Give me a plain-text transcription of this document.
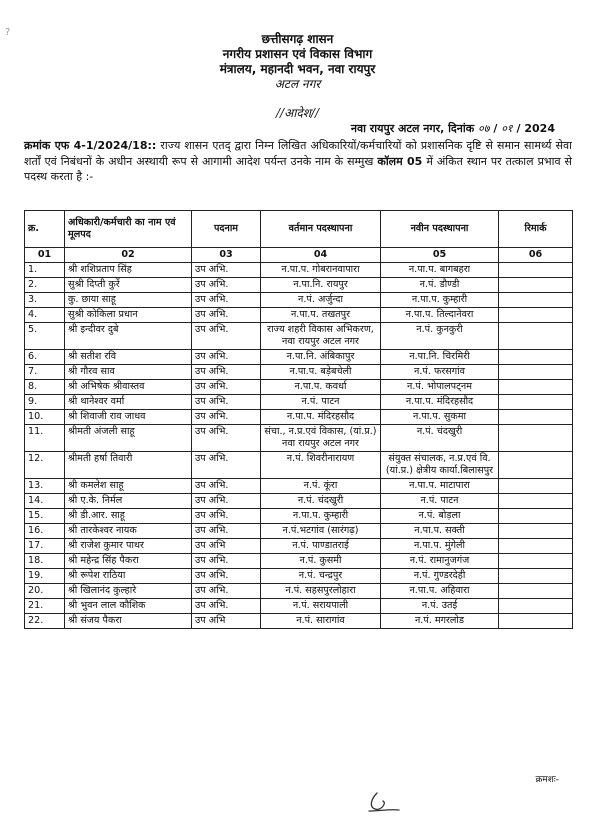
?	छत्तीसगढ़ शासन
नगरीय प्रशासन एवं विकास विभाग
मंत्रालय, महानदी भवन, नवा रायपुर
अटल नगर
//आदेश//
नवा रायपुर अटल नगर, दिनांक ०७ / ०१ / 2024
क्रमांक एफ 4-1/2024/18:: राज्य शासन एतद् द्वारा निम्न लिखित अधिकारियों/कर्मचारियों को प्रशासनिक दृष्टि से समान सामर्थ्य सेवा शर्तों एवं निबंधनों के अधीन अस्थायी रूप से आगामी आदेश पर्यन्त उनके नाम के सम्मुख कॉलम 05 में अंकित स्थान पर तत्काल प्रभाव से पदस्थ करता है :-
क्र.	अधिकारी/कर्मचारी का नाम एवं मूलपद	पदनाम	वर्तमान पदस्थापना	नवीन पदस्थापना	रिमार्क
01	02	03	04	05	06
1.	श्री शशिप्रताप सिंह	उप अभि.	न.पा.प. गोबरानवापारा	न.पा.प. बागबहरा	
2.	सुश्री दिप्ती कुर्रे	उप अभि.	न.पा.नि. रायपुर	न.पं. डौण्डी	
3.	कु. छाया साहू	उप अभि.	न.पं. अर्जुन्दा	न.पा.प. कुम्हारी	
4.	सुश्री कोकिला प्रधान	उप अभि.	न.पा.प. तखतपुर	न.पा.प. तिल्दानेवरा	
5.	श्री इन्दीवर दुबे	उप अभि.	राज्य शहरी विकास अभिकरण, नवा रायपुर अटल नगर	न.पं. कुनकुरी	
6.	श्री सतीश रवि	उप अभि.	न.पा.नि. अंबिकापुर	न.पा.नि. चिरमिरी	
7.	श्री गौरव साव	उप अभि.	न.पा.प. बड़ेबचेली	न.पं. फरसगांव	
8.	श्री अभिषेक श्रीवास्तव	उप अभि.	न.पा.प. कवर्धा	न.पं. भोपालपट्नम	
9.	श्री थानेश्वर वर्मा	उप अभि.	न.पं. पाटन	न.पा.प. मंदिरहसौद	
10.	श्री शिवाजी राव जाधव	उप अभि.	न.पा.प. मंदिरहसौद	न.पा.प. सुकमा	
11.	श्रीमती अंजली साहू	उप अभि.	संचा., न.प्र.एवं विकास, (यां.प्र.) नवा रायपुर अटल नगर	न.पं. चंदखुरी	
12.	श्रीमती हर्षा तिवारी	उप अभि.	न.पं. शिवरीनारायण	संयुक्त संचालक, न.प्र.एवं वि. (यां.प्र.) क्षेत्रीय कार्या.बिलासपुर	
13.	श्री कमलेश साहू	उप अभि.	न.पं. कूंरा	न.पा.प. माटापारा	
14.	श्री ए.के. निर्मल	उप अभि.	न.पं. चंदखुरी	न.पं. पाटन	
15.	श्री डी.आर. साहू	उप अभि.	न.पा.प. कुम्हारी	न.पं. बोड़ला	
16.	श्री तारकेश्वर नायक	उप अभि.	न.पं.भटगांव (सारंगढ़)	न.पा.प. सक्ती	
17.	श्री राजेश कुमार पाथर	उप अभि	न.पं. पाण्डातराई	न.पा.प. मुंगेली	
18.	श्री महेन्द्र सिंह पैकरा	उप अभि.	न.पं. कुसमी	न.पं. रामानुजगंज	
19.	श्री रूपेश राठिया	उप अभि.	न.पं. चन्द्रपुर	न.पं. गुण्डरदेही	
20.	श्री खिलानंद कुल्हारे	उप अभि.	न.पं. सहसपुरलोहारा	न.पा.प. अहिवारा	
21.	श्री भुवन लाल कौशिक	उप अभि.	न.पं. सरायपाली	न.पं. उतई	
22.	श्री संजय पैकरा	उप अभि	न.पं. सारागांव	न.पं. मगरलोड	
क्रमशः-
